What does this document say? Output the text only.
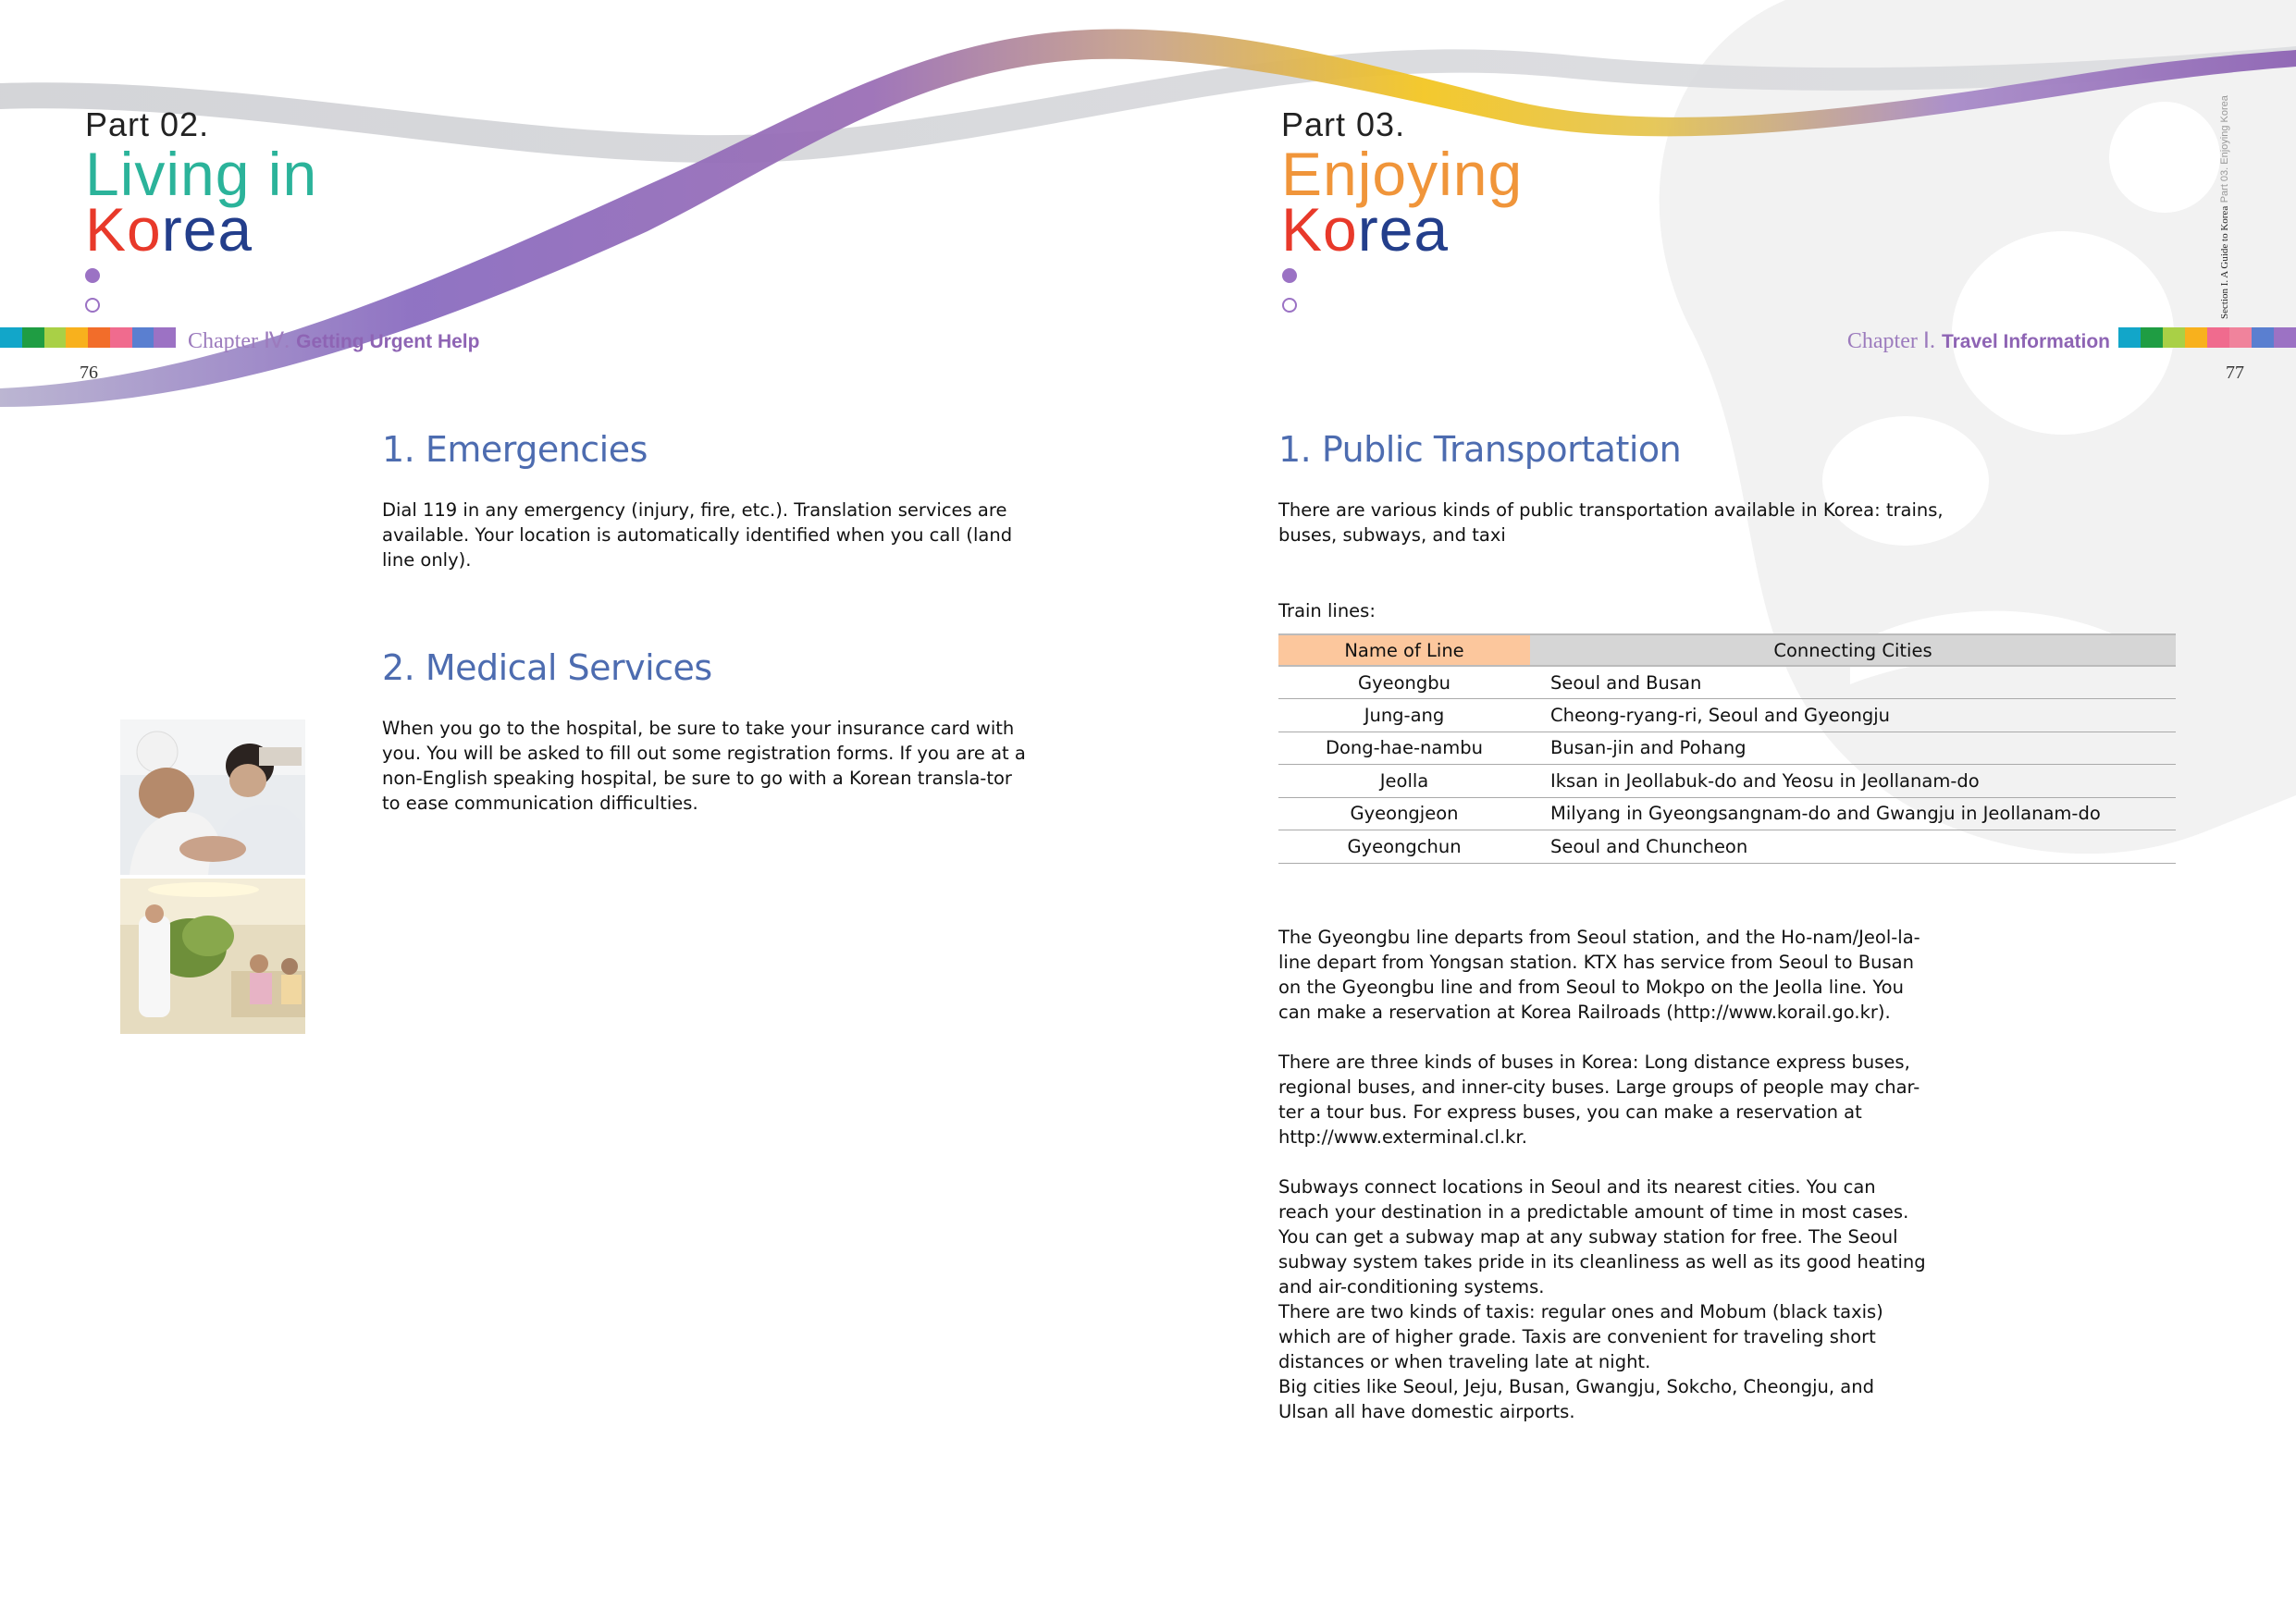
Part 02.
Living in
Korea
Chapter Ⅳ. Getting Urgent Help
76
1. Emergencies

Dial 119 in any emergency (injury, fire, etc.). Translation services are available. Your location is automatically identified when you call (land line only).

2. Medical Services

When you go to the hospital, be sure to take your insurance card with you. You will be asked to fill out some registration forms. If you are at a non-English speaking hospital, be sure to go with a Korean transla-tor to ease communication difficulties.

Part 03.
Enjoying
Korea
Chapter Ⅰ. Travel Information
77
Section I. A Guide to Korea Part 03. Enjoying Korea
1. Public Transportation

There are various kinds of public transportation available in Korea: trains, buses, subways, and taxi

Train lines:

Name of Line	Connecting Cities
Gyeongbu	Seoul and Busan
Jung-ang	Cheong-ryang-ri, Seoul and Gyeongju
Dong-hae-nambu	Busan-jin and Pohang
Jeolla	Iksan in Jeollabuk-do and Yeosu in Jeollanam-do
Gyeongjeon	Milyang in Gyeongsangnam-do and Gwangju in Jeollanam-do
Gyeongchun	Seoul and Chuncheon

The Gyeongbu line departs from Seoul station, and the Ho-nam/Jeol-la-line depart from Yongsan station. KTX has service from Seoul to Busan on the Gyeongbu line and from Seoul to Mokpo on the Jeolla line. You can make a reservation at Korea Railroads (http://www.korail.go.kr).

There are three kinds of buses in Korea: Long distance express buses, regional buses, and inner-city buses. Large groups of people may char-ter a tour bus. For express buses, you can make a reservation at http://www.exterminal.cl.kr.

Subways connect locations in Seoul and its nearest cities. You can reach your destination in a predictable amount of time in most cases. You can get a subway map at any subway station for free. The Seoul subway system takes pride in its cleanliness as well as its good heating and air-conditioning systems.

There are two kinds of taxis: regular ones and Mobum (black taxis) which are of higher grade. Taxis are convenient for traveling short distances or when traveling late at night.

Big cities like Seoul, Jeju, Busan, Gwangju, Sokcho, Cheongju, and Ulsan all have domestic airports.
